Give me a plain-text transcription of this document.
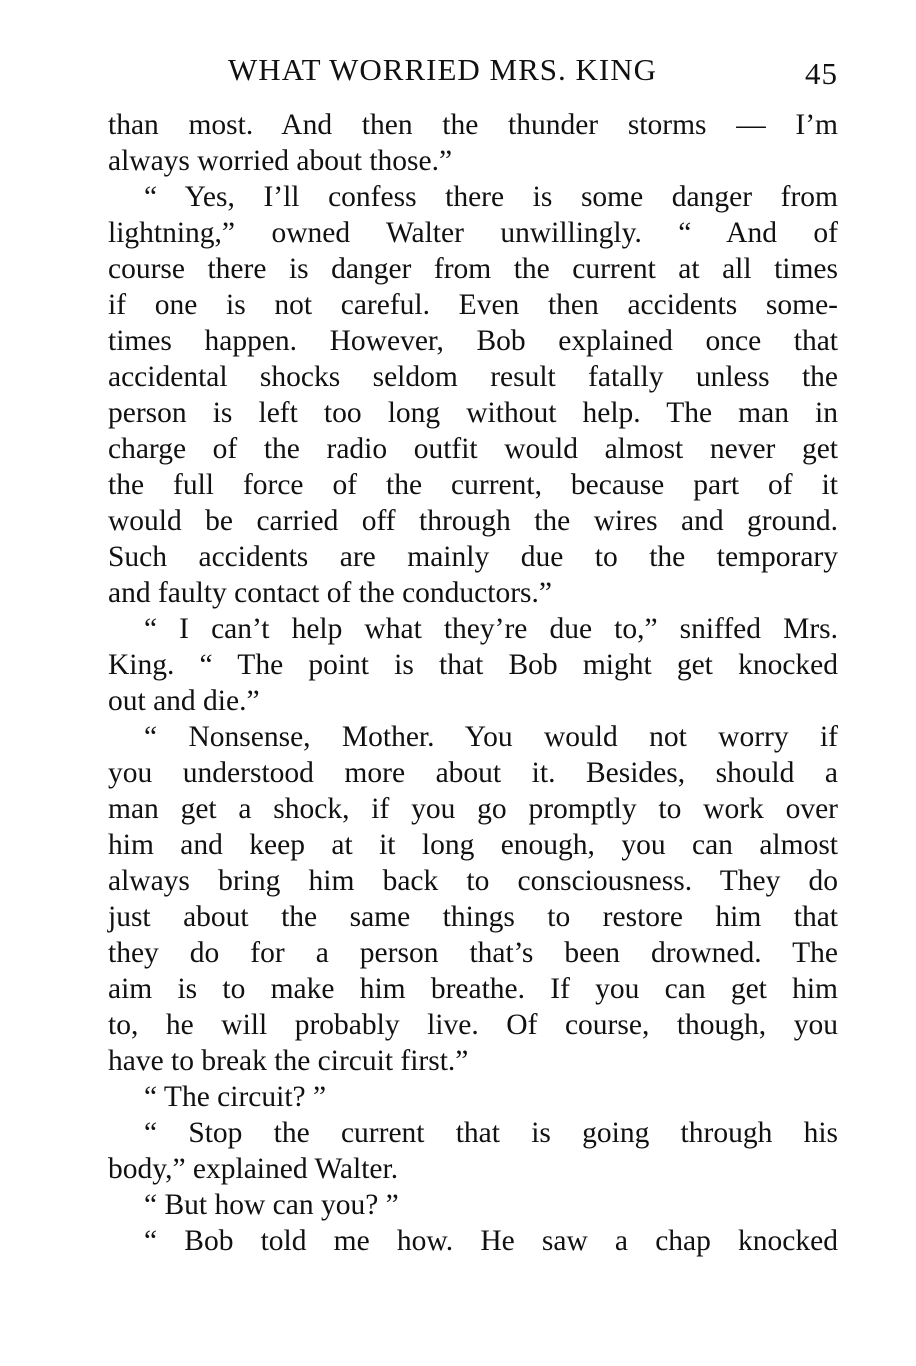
WHAT WORRIED MRS. KING	45
than most. And then the thunder storms — I’m
always worried about those.”
“ Yes, I’ll confess there is some danger from
lightning,” owned Walter unwillingly. “ And of
course there is danger from the current at all times
if one is not careful. Even then accidents some-
times happen. However, Bob explained once that
accidental shocks seldom result fatally unless the
person is left too long without help. The man in
charge of the radio outfit would almost never get
the full force of the current, because part of it
would be carried off through the wires and ground.
Such accidents are mainly due to the temporary
and faulty contact of the conductors.”
“ I can’t help what they’re due to,” sniffed Mrs.
King. “ The point is that Bob might get knocked
out and die.”
“ Nonsense, Mother. You would not worry if
you understood more about it. Besides, should a
man get a shock, if you go promptly to work over
him and keep at it long enough, you can almost
always bring him back to consciousness. They do
just about the same things to restore him that
they do for a person that’s been drowned. The
aim is to make him breathe. If you can get him
to, he will probably live. Of course, though, you
have to break the circuit first.”
“ The circuit? ”
“ Stop the current that is going through his
body,” explained Walter.
“ But how can you? ”
“ Bob told me how. He saw a chap knocked
